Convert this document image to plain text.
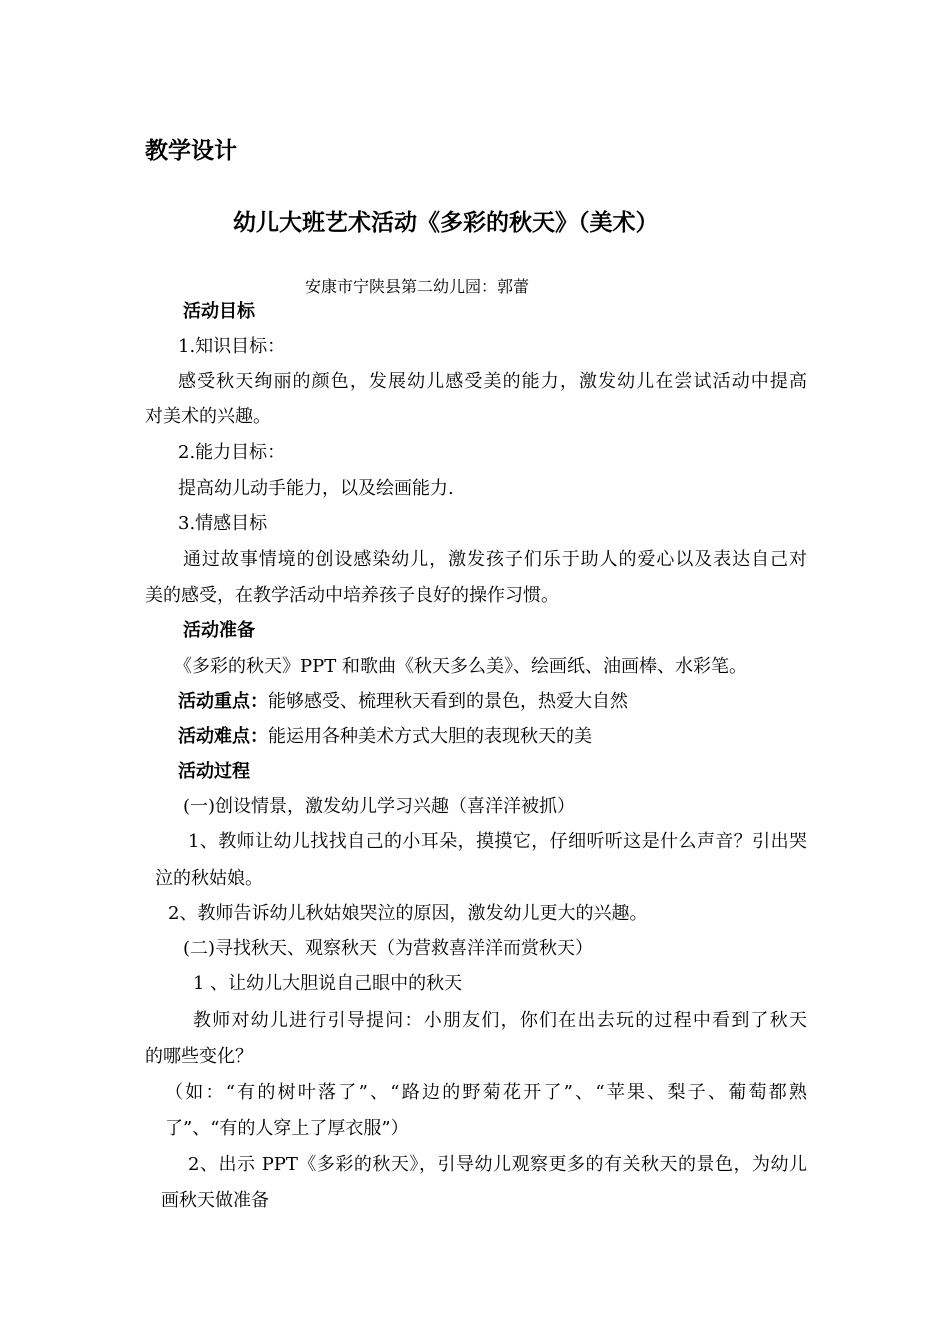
教学设计
幼儿大班艺术活动《多彩的秋天》（美术）
安康市宁陕县第二幼儿园：郭蕾
活动目标
1.知识目标：
感受秋天绚丽的颜色，发展幼儿感受美的能力，激发幼儿在尝试活动中提高
对美术的兴趣。
2.能力目标：
提高幼儿动手能力，以及绘画能力.
3.情感目标
通过故事情境的创设感染幼儿，激发孩子们乐于助人的爱心以及表达自己对
美的感受，在教学活动中培养孩子良好的操作习惯。
活动准备
《多彩的秋天》PPT 和歌曲《秋天多么美》、绘画纸、油画棒、水彩笔。
活动重点：能够感受、梳理秋天看到的景色，热爱大自然
活动难点：能运用各种美术方式大胆的表现秋天的美
活动过程
(一)创设情景，激发幼儿学习兴趣（喜洋洋被抓）
1、教师让幼儿找找自己的小耳朵，摸摸它，仔细听听这是什么声音？引出哭
泣的秋姑娘。
2、教师告诉幼儿秋姑娘哭泣的原因，激发幼儿更大的兴趣。
(二)寻找秋天、观察秋天（为营救喜洋洋而赏秋天）
1 、让幼儿大胆说自己眼中的秋天
教师对幼儿进行引导提问：小朋友们，你们在出去玩的过程中看到了秋天
的哪些变化？
（如：“有的树叶落了”、“路边的野菊花开了”、“苹果、梨子、葡萄都熟
了”、“有的人穿上了厚衣服”）
2、出示 PPT《多彩的秋天》，引导幼儿观察更多的有关秋天的景色，为幼儿
画秋天做准备
